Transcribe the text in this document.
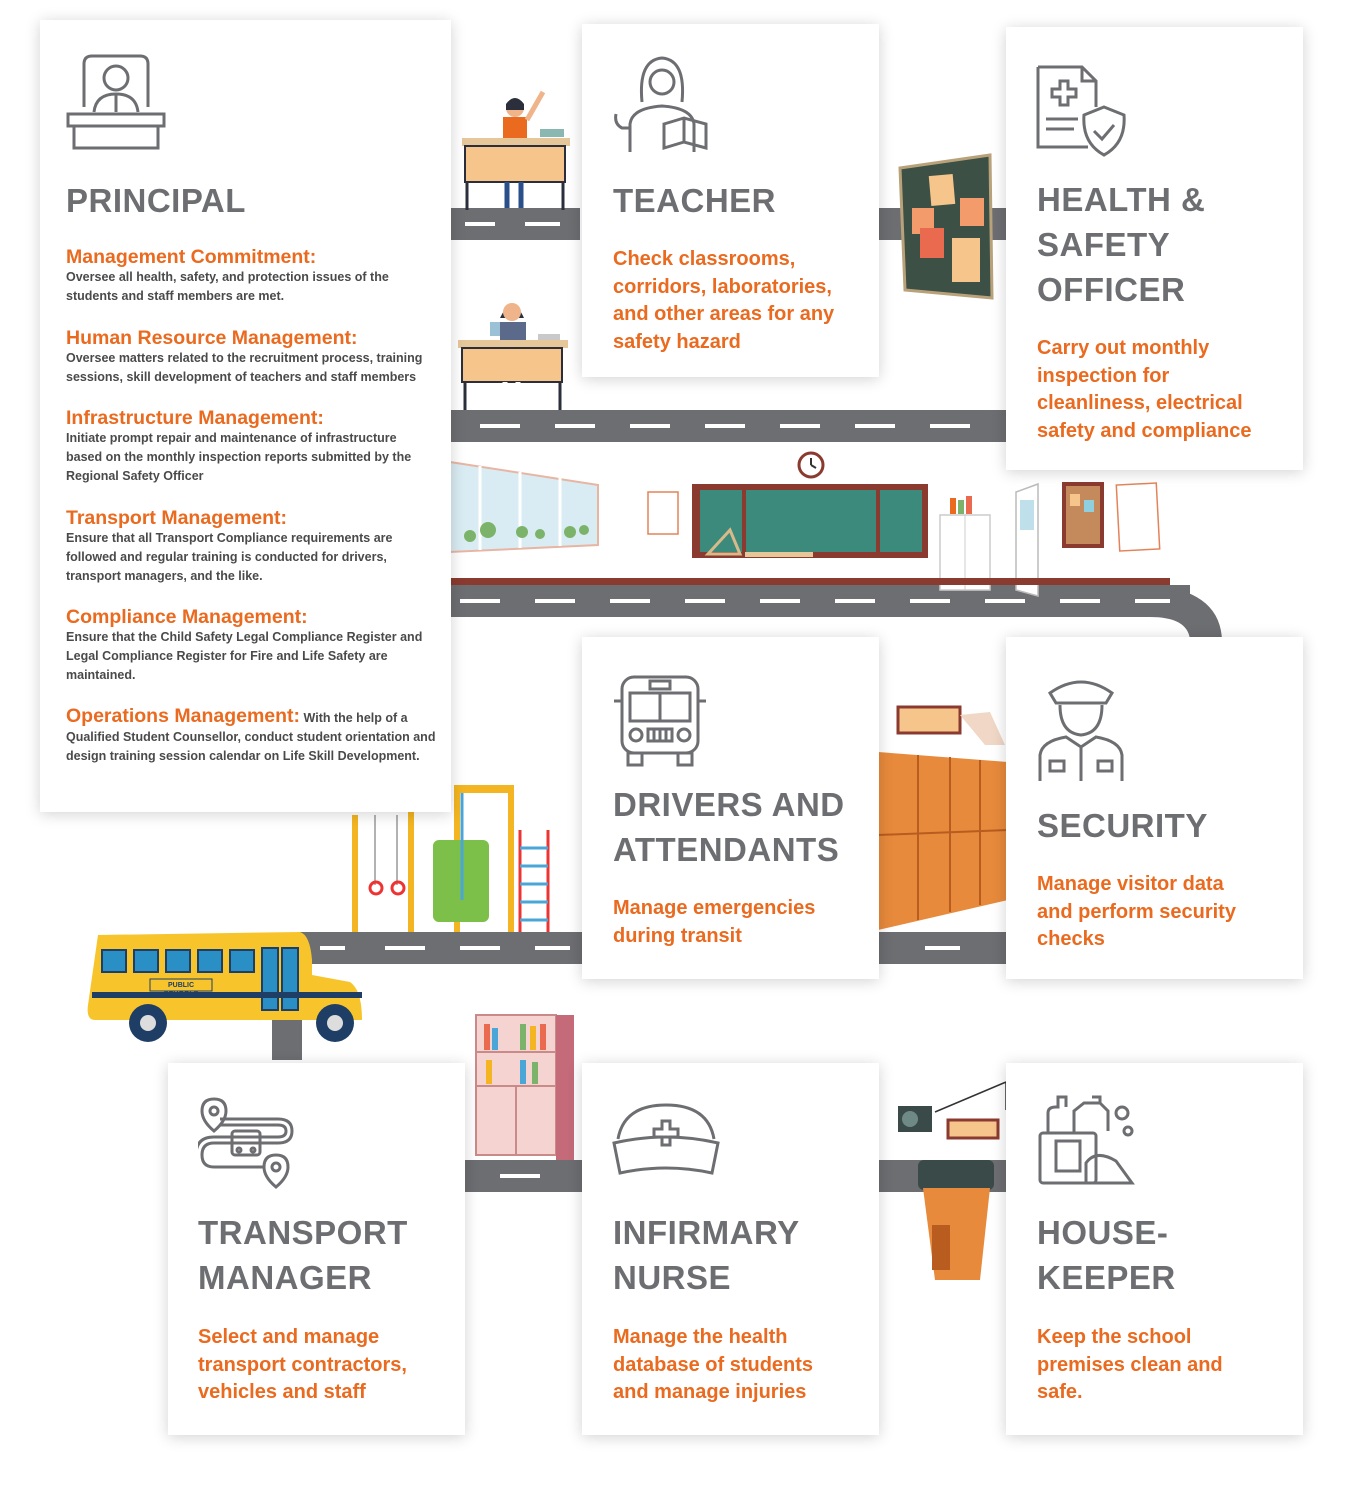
PRINCIPAL
Management Commitment:
Oversee all health, safety, and protection issues of the students and staff members are met.
Human Resource Management:
Oversee matters related to the recruitment process, training sessions, skill development of teachers and staff members
Infrastructure Management:
Initiate prompt repair and maintenance of infrastructure based on the monthly inspection reports submitted by the Regional Safety Officer
Transport Management:
Ensure that all Transport Compliance requirements are followed and regular training is conducted for drivers, transport managers, and the like.
Compliance Management:
Ensure that the Child Safety Legal Compliance Register and Legal Compliance Register for Fire and Life Safety are maintained.
Operations Management: With the help of a Qualified Student Counsellor, conduct student orientation and design training session calendar on Life Skill Development.
TEACHER

Check classrooms, corridors, laboratories, and other areas for any safety hazard

HEALTH &
SAFETY
OFFICER

Carry out monthly inspection for cleanliness, electrical safety and compliance

DRIVERS AND
ATTENDANTS

Manage emergencies during transit

SECURITY

Manage visitor data and perform security checks

TRANSPORT
MANAGER

Select and manage transport contractors, vehicles and staff

INFIRMARY
NURSE

Manage the health database of students and manage injuries

HOUSE-
KEEPER

Keep the school premises clean and safe.

PUBLIC SCHOOLS
